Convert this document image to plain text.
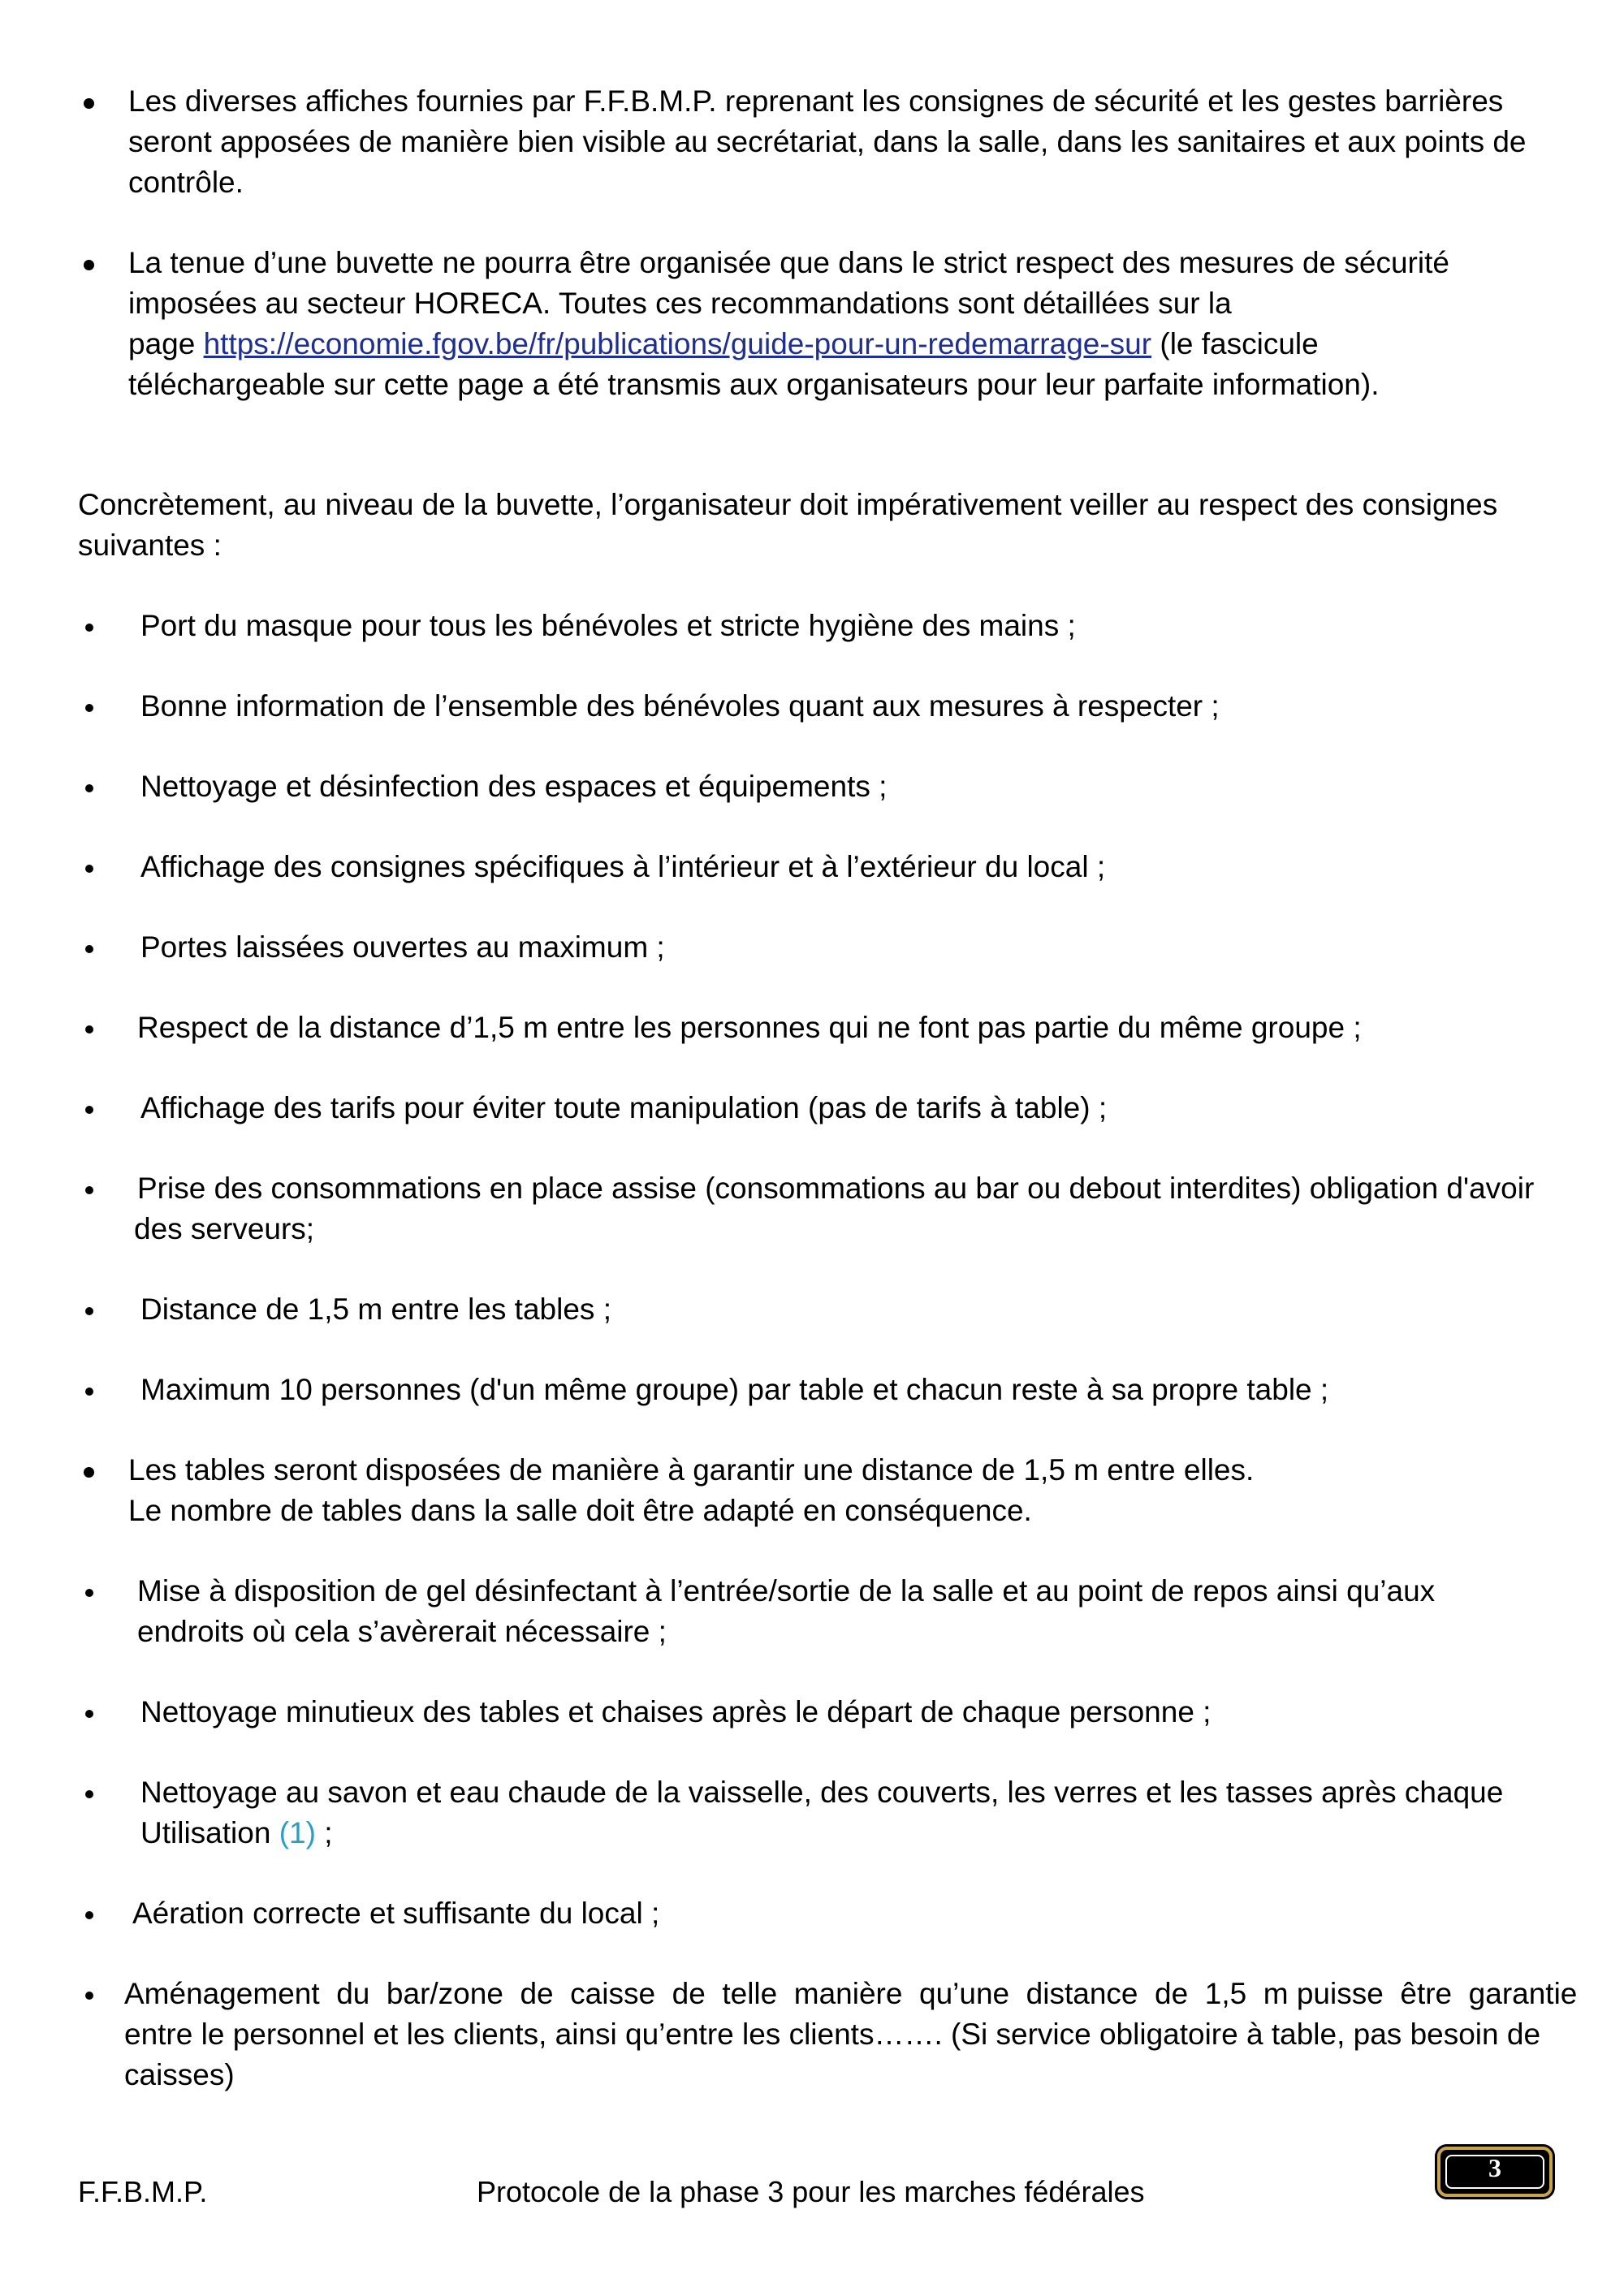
Les diverses affiches fournies par F.F.B.M.P. reprenant les consignes de sécurité et les gestes barrières
seront apposées de manière bien visible au secrétariat, dans la salle, dans les sanitaires et aux points de
contrôle.
La tenue d’une buvette ne pourra être organisée que dans le strict respect des mesures de sécurité
imposées au secteur HORECA. Toutes ces recommandations sont détaillées sur la
page https://economie.fgov.be/fr/publications/guide-pour-un-redemarrage-sur (le fascicule
téléchargeable sur cette page a été transmis aux organisateurs pour leur parfaite information).
Concrètement, au niveau de la buvette, l’organisateur doit impérativement veiller au respect des consignes
suivantes :
Port du masque pour tous les bénévoles et stricte hygiène des mains ;
Bonne information de l’ensemble des bénévoles quant aux mesures à respecter ;
Nettoyage et désinfection des espaces et équipements ;
Affichage des consignes spécifiques à l’intérieur et à l’extérieur du local ;
Portes laissées ouvertes au maximum ;
Respect de la distance d’1,5 m entre les personnes qui ne font pas partie du même groupe ;
Affichage des tarifs pour éviter toute manipulation (pas de tarifs à table) ;
Prise des consommations en place assise (consommations au bar ou debout interdites) obligation d'avoir
des serveurs;
Distance de 1,5 m entre les tables ;
Maximum 10 personnes (d'un même groupe) par table et chacun reste à sa propre table ;
Les tables seront disposées de manière à garantir une distance de 1,5 m entre elles.
Le nombre de tables dans la salle doit être adapté en conséquence.
Mise à disposition de gel désinfectant à l’entrée/sortie de la salle et au point de repos ainsi qu’aux
endroits où cela s’avèrerait nécessaire ;
Nettoyage minutieux des tables et chaises après le départ de chaque personne ;
Nettoyage au savon et eau chaude de la vaisselle, des couverts, les verres et les tasses après chaque
Utilisation (1) ;
Aération correcte et suffisante du local ;
Aménagement  du  bar/zone  de  caisse  de  telle  manière  qu’une  distance  de  1,5  m puisse  être  garantie
entre le personnel et les clients, ainsi qu’entre les clients……. (Si service obligatoire à table, pas besoin de
caisses)
F.F.B.M.P.	Protocole de la phase 3 pour les marches fédérales
3
